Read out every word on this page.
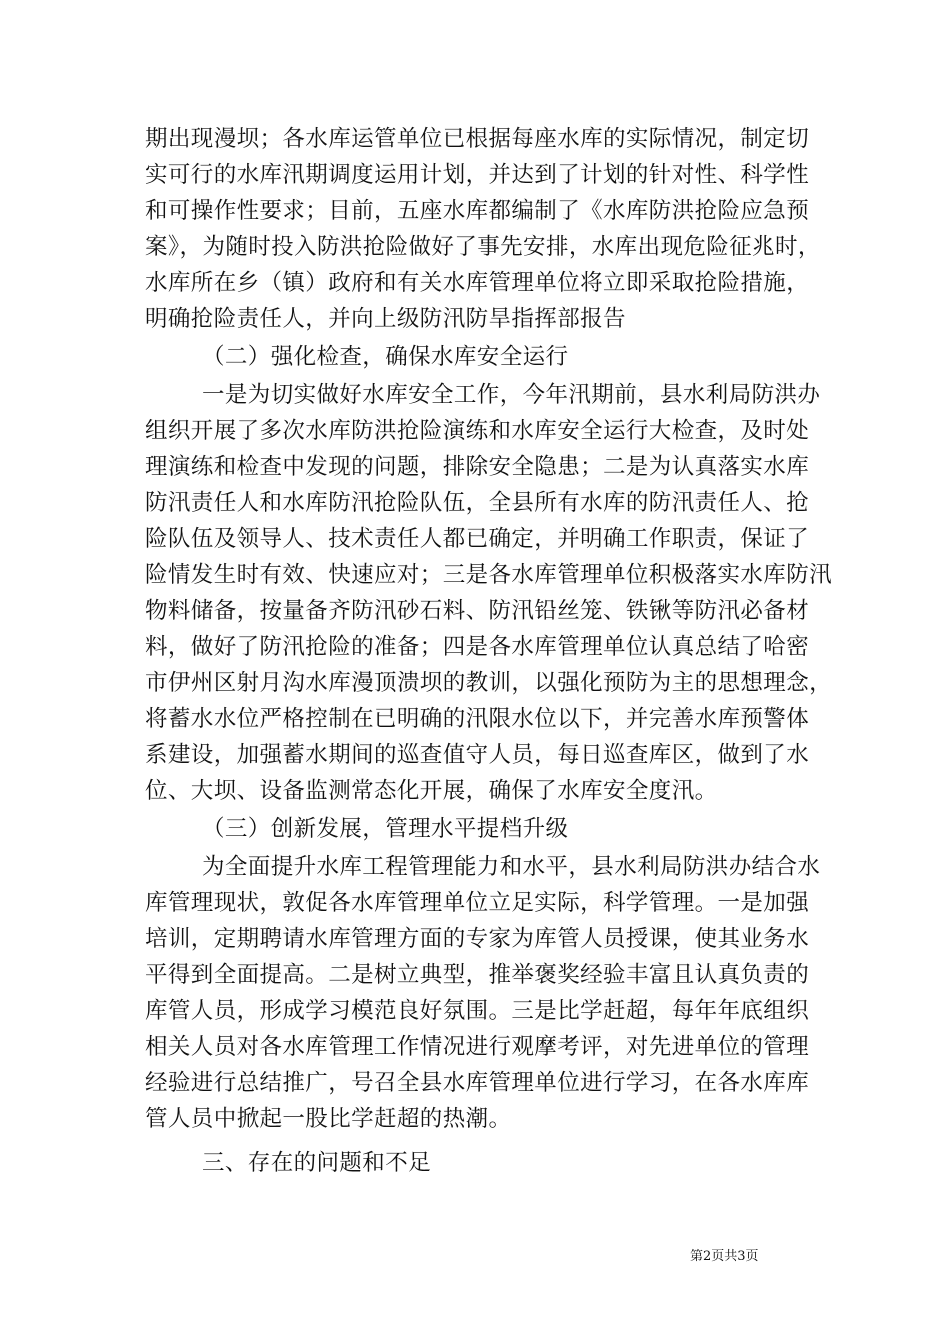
期出现漫坝；各水库运管单位已根据每座水库的实际情况，制定切
实可行的水库汛期调度运用计划，并达到了计划的针对性、科学性
和可操作性要求；目前，五座水库都编制了《水库防洪抢险应急预
案》，为随时投入防洪抢险做好了事先安排，水库出现危险征兆时，
水库所在乡（镇）政府和有关水库管理单位将立即采取抢险措施，
明确抢险责任人，并向上级防汛防旱指挥部报告
（二）强化检查，确保水库安全运行
一是为切实做好水库安全工作，今年汛期前，县水利局防洪办
组织开展了多次水库防洪抢险演练和水库安全运行大检查，及时处
理演练和检查中发现的问题，排除安全隐患；二是为认真落实水库
防汛责任人和水库防汛抢险队伍，全县所有水库的防汛责任人、抢
险队伍及领导人、技术责任人都已确定，并明确工作职责，保证了
险情发生时有效、快速应对；三是各水库管理单位积极落实水库防汛
物料储备，按量备齐防汛砂石料、防汛铅丝笼、铁锹等防汛必备材
料，做好了防汛抢险的准备；四是各水库管理单位认真总结了哈密
市伊州区射月沟水库漫顶溃坝的教训，以强化预防为主的思想理念，
将蓄水水位严格控制在已明确的汛限水位以下，并完善水库预警体
系建设，加强蓄水期间的巡查值守人员，每日巡查库区，做到了水
位、大坝、设备监测常态化开展，确保了水库安全度汛。
（三）创新发展，管理水平提档升级
为全面提升水库工程管理能力和水平，县水利局防洪办结合水
库管理现状，敦促各水库管理单位立足实际，科学管理。一是加强
培训，定期聘请水库管理方面的专家为库管人员授课，使其业务水
平得到全面提高。二是树立典型，推举褒奖经验丰富且认真负责的
库管人员，形成学习模范良好氛围。三是比学赶超，每年年底组织
相关人员对各水库管理工作情况进行观摩考评，对先进单位的管理
经验进行总结推广，号召全县水库管理单位进行学习，在各水库库
管人员中掀起一股比学赶超的热潮。
三、存在的问题和不足
第2页共3页
